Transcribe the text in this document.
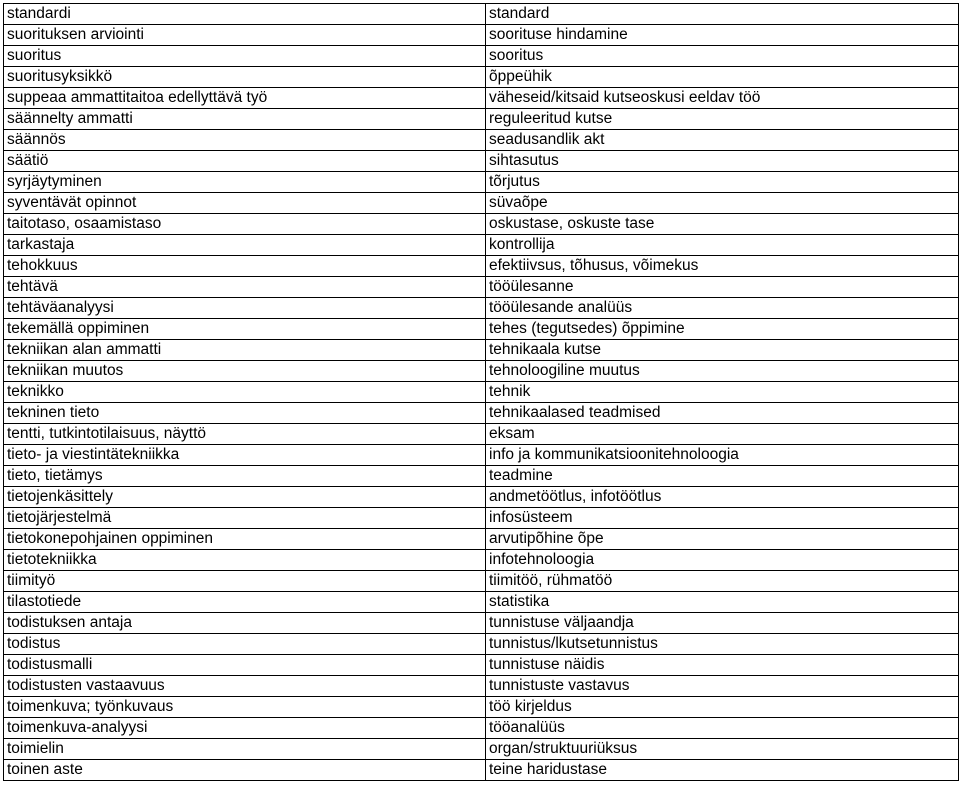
standardi	standard
suorituksen arviointi	soorituse hindamine
suoritus	sooritus
suoritusyksikkö	õppeühik
suppeaa ammattitaitoa edellyttävä työ	väheseid/kitsaid kutseoskusi eeldav töö
säännelty ammatti	reguleeritud kutse
säännös	seadusandlik akt
säätiö	sihtasutus
syrjäytyminen	tõrjutus
syventävät opinnot	süvaõpe
taitotaso, osaamistaso	oskustase, oskuste tase
tarkastaja	kontrollija
tehokkuus	efektiivsus, tõhusus, võimekus
tehtävä	tööülesanne
tehtäväanalyysi	tööülesande analüüs
tekemällä oppiminen	tehes (tegutsedes) õppimine
tekniikan alan ammatti	tehnikaala kutse
tekniikan muutos	tehnoloogiline muutus
teknikko	tehnik
tekninen tieto	tehnikaalased teadmised
tentti, tutkintotilaisuus, näyttö	eksam
tieto- ja viestintätekniikka	info ja kommunikatsioonitehnoloogia
tieto, tietämys	teadmine
tietojenkäsittely	andmetöötlus, infotöötlus
tietojärjestelmä	infosüsteem
tietokonepohjainen oppiminen	arvutipõhine õpe
tietotekniikka	infotehnoloogia
tiimityö	tiimitöö, rühmatöö
tilastotiede	statistika
todistuksen antaja	tunnistuse väljaandja
todistus	tunnistus/lkutsetunnistus
todistusmalli	tunnistuse näidis
todistusten vastaavuus	tunnistuste vastavus
toimenkuva; työnkuvaus	töö kirjeldus
toimenkuva-analyysi	tööanalüüs
toimielin	organ/struktuuriüksus
toinen aste	teine haridustase
